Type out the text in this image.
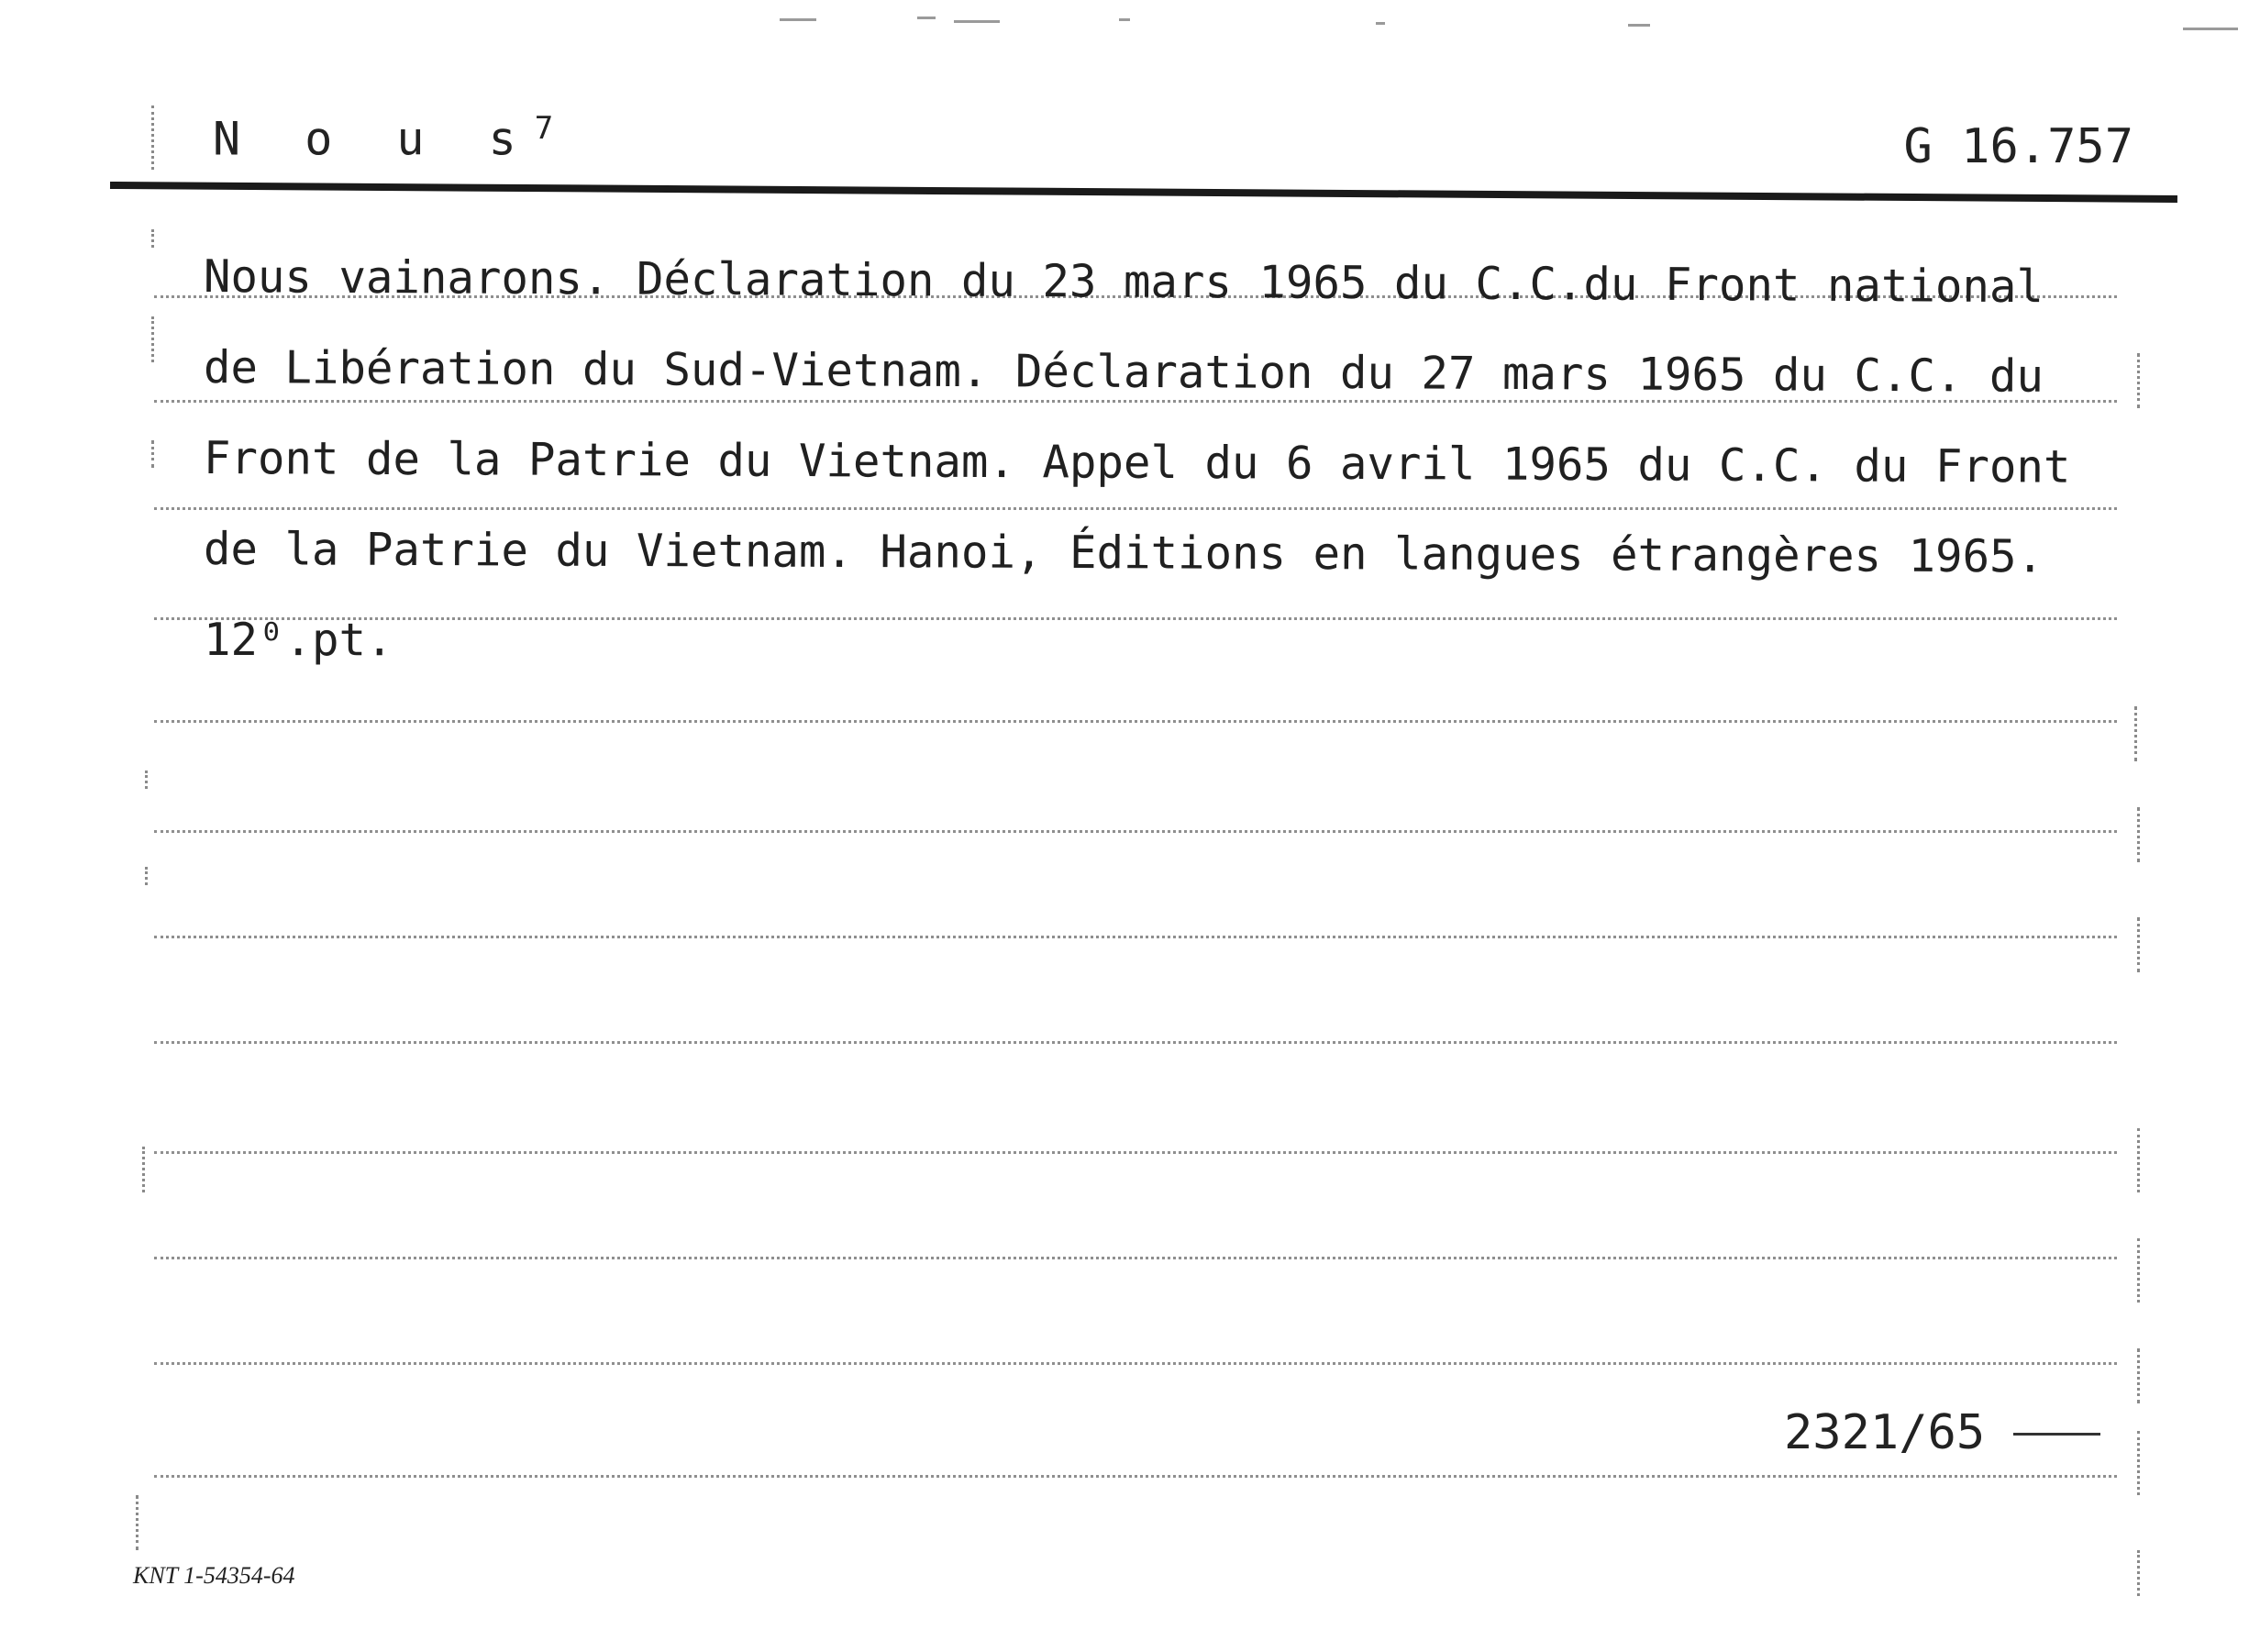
N o u $s^7$	G 16.757
Nous vainarons. Déclaration du 23 mars 1965 du C.C.du Front national
de Libération du Sud-Vietnam. Déclaration du 27 mars 1965 du C.C. du
Front de la Patrie du Vietnam. Appel du 6 avril 1965 du C.C. du Front
de la Patrie du Vietnam. Hanoi, Éditions en langues étrangères 1965.
12⁰.pt.
2321/65
KNT 1-54354-64
